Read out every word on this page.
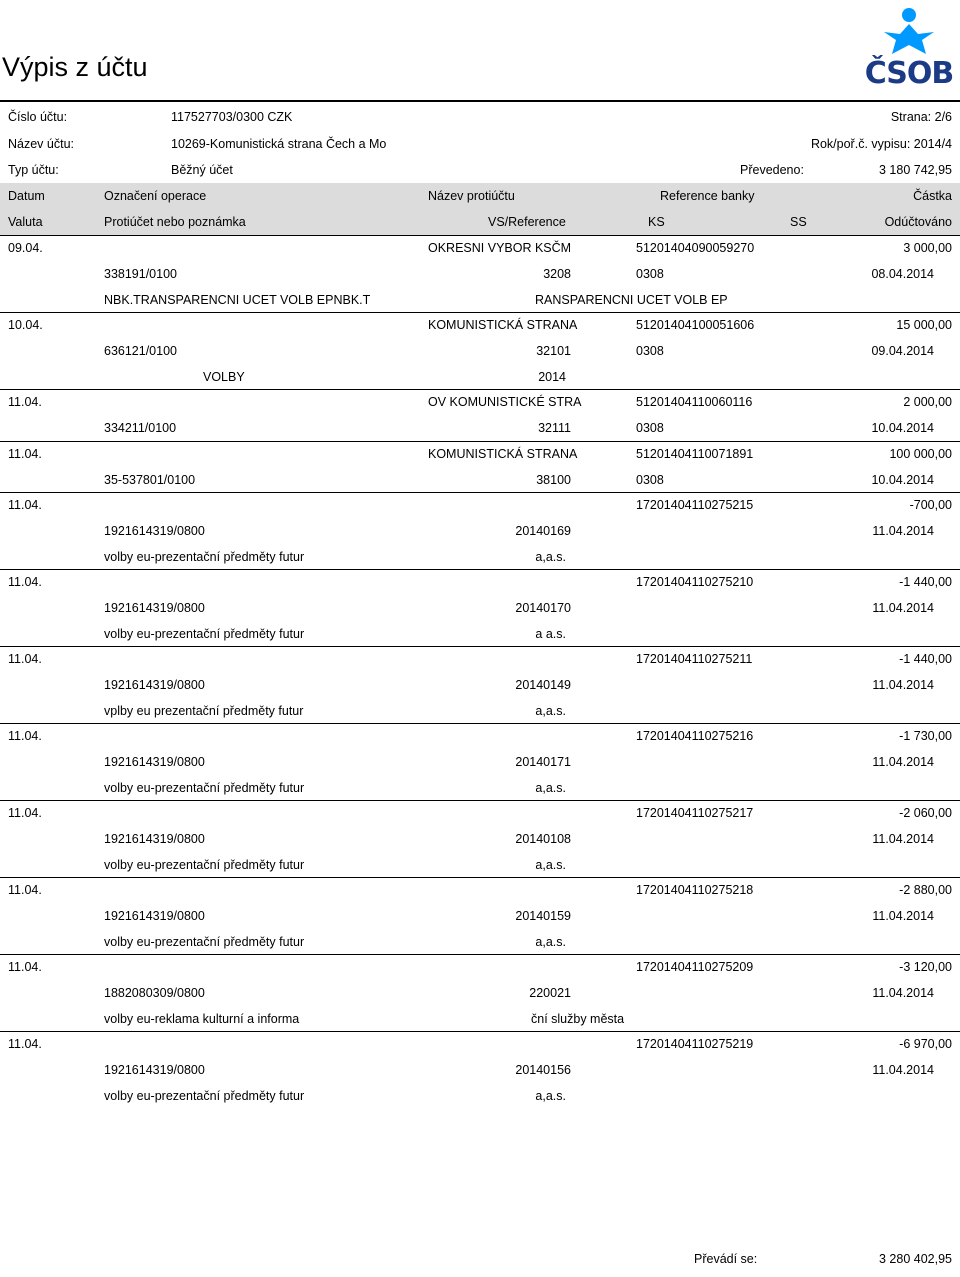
Výpis z účtu	ČSOB
Číslo účtu:	117527703/0300 CZK	Strana: 2/6
Název účtu:	10269-Komunistická strana Čech a Mo	Rok/poř.č. vypisu: 2014/4
Typ účtu:	Běžný účet	Převedeno:	3 180 742,95
Datum	Označení operace	Název protiúčtu	Reference banky	Částka
Valuta	Protiúčet nebo poznámka	VS/Reference	KS	SS	Odúčtováno
09.04.	OKRESNI VYBOR KSČM	51201404090059270	3 000,00
338191/0100	3208	0308	08.04.2014
NBK.TRANSPARENCNI UCET VOLB EPNBK.T	RANSPARENCNI UCET VOLB EP
10.04.	KOMUNISTICKÁ STRANA	51201404100051606	15 000,00
636121/0100	32101	0308	09.04.2014
VOLBY	2014
11.04.	OV KOMUNISTICKÉ STRA	51201404110060116	2 000,00
334211/0100	32111	0308	10.04.2014
11.04.	KOMUNISTICKÁ STRANA	51201404110071891	100 000,00
35-537801/0100	38100	0308	10.04.2014
11.04.	17201404110275215	-700,00
1921614319/0800	20140169	11.04.2014
volby eu-prezentační předměty futur	a,a.s.
11.04.	17201404110275210	-1 440,00
1921614319/0800	20140170	11.04.2014
volby eu-prezentační předměty futur	a a.s.
11.04.	17201404110275211	-1 440,00
1921614319/0800	20140149	11.04.2014
vplby eu prezentační předměty futur	a,a.s.
11.04.	17201404110275216	-1 730,00
1921614319/0800	20140171	11.04.2014
volby eu-prezentační předměty futur	a,a.s.
11.04.	17201404110275217	-2 060,00
1921614319/0800	20140108	11.04.2014
volby eu-prezentační předměty futur	a,a.s.
11.04.	17201404110275218	-2 880,00
1921614319/0800	20140159	11.04.2014
volby eu-prezentační předměty futur	a,a.s.
11.04.	17201404110275209	-3 120,00
1882080309/0800	220021	11.04.2014
volby eu-reklama kulturní a informa	ční služby města
11.04.	17201404110275219	-6 970,00
1921614319/0800	20140156	11.04.2014
volby eu-prezentační předměty futur	a,a.s.
Převádí se:	3 280 402,95
